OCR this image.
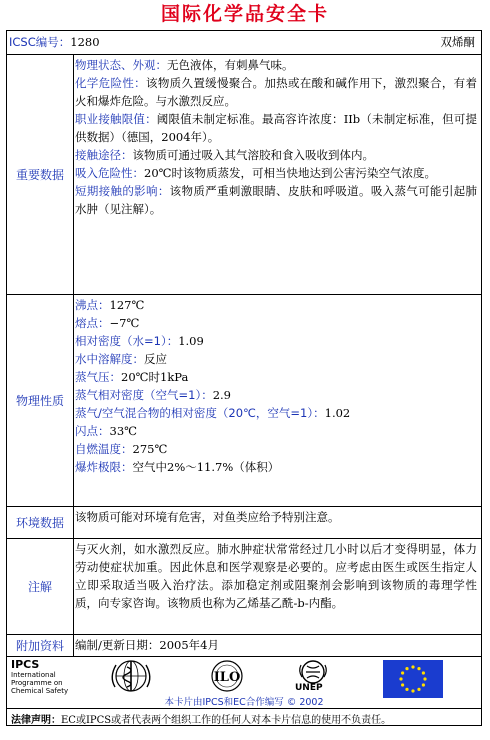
国际化学品安全卡
ICSC编号：1280	双烯酮
重要数据
物理状态、外观：无色液体，有刺鼻气味。
化学危险性：该物质久置缓慢聚合。加热或在酸和碱作用下，激烈聚合，有着火和爆炸危险。与水激烈反应。
职业接触限值：阈限值未制定标准。最高容许浓度：IIb（未制定标准，但可提供数据）（德国，2004年）。
接触途径：该物质可通过吸入其气溶胶和食入吸收到体内。
吸入危险性：20℃时该物质蒸发，可相当快地达到公害污染空气浓度。
短期接触的影响：该物质严重刺激眼睛、皮肤和呼吸道。吸入蒸气可能引起肺水肿（见注解）。
物理性质
沸点：127℃
熔点：−7℃
相对密度（水=1）：1.09
水中溶解度：反应
蒸气压：20℃时1kPa
蒸气相对密度（空气=1）：2.9
蒸气/空气混合物的相对密度（20℃，空气=1）：1.02
闪点：33℃
自燃温度：275℃
爆炸极限：空气中2%～11.7%（体积）
环境数据 该物质可能对环境有危害，对鱼类应给予特别注意。
注解
与灭火剂，如水激烈反应。肺水肿症状常常经过几小时以后才变得明显，体力劳动使症状加重。因此休息和医学观察是必要的。应考虑由医生或医生指定人立即采取适当吸入治疗法。添加稳定剂或阻聚剂会影响到该物质的毒理学性质，向专家咨询。该物质也称为乙烯基乙酰-b-内酯。
附加资料 编制/更新日期：2005年4月
IPCS
International
Programme on
Chemical Safety
ILO
UNEP
本卡片由IPCS和EC合作编写 © 2002
法律声明：EC或IPCS或者代表两个组织工作的任何人对本卡片信息的使用不负责任。
